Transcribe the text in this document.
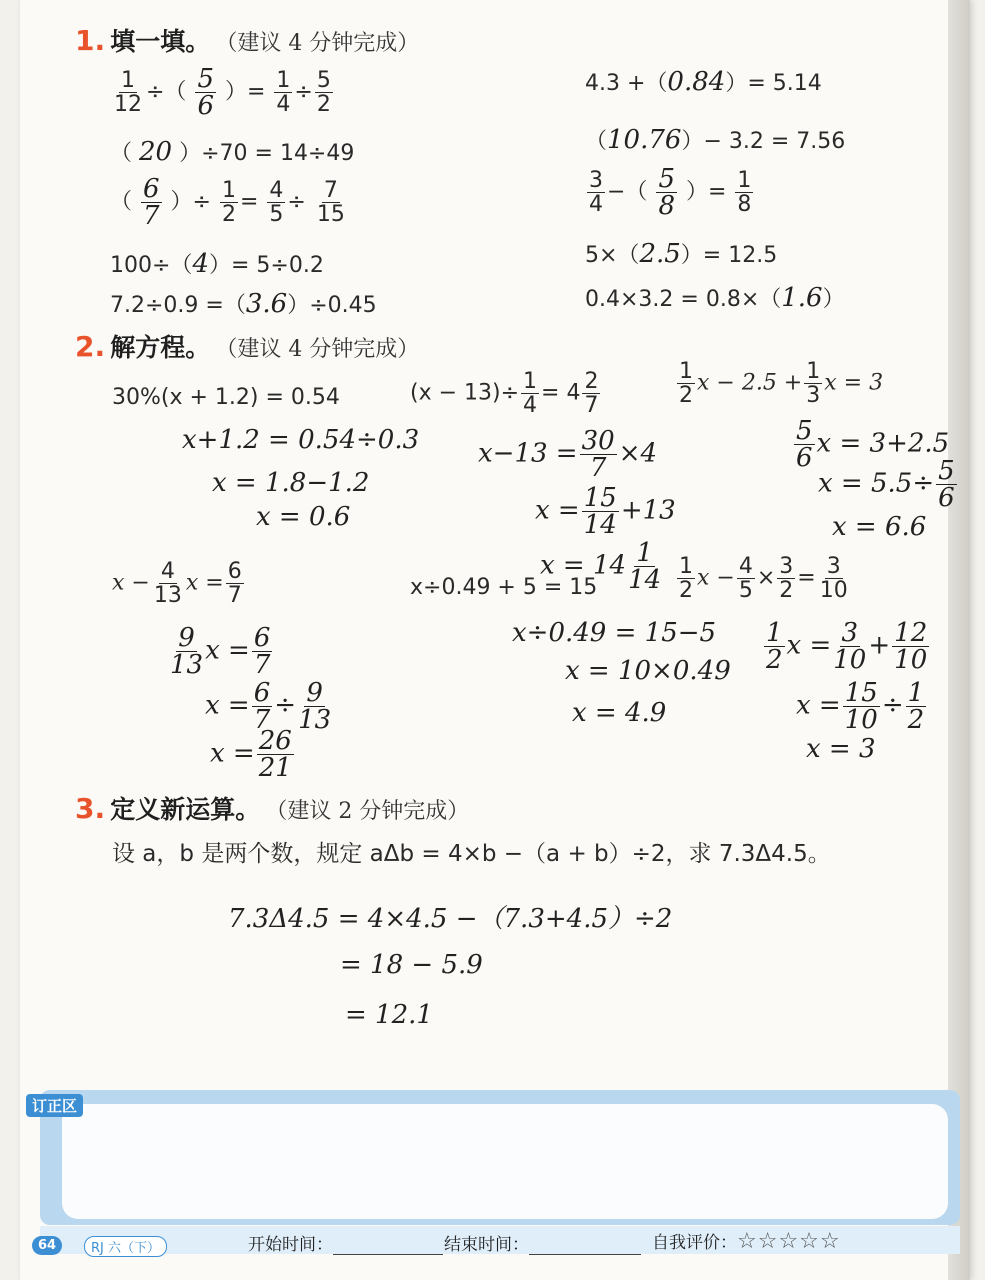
1. 填一填。 （建议 4 分钟完成）
$\frac{1}{12}$ ÷（ $\frac{5}{6}$ ）= $\frac{1}{4} \div \frac{5}{2}$
（ 20 ）÷70 = 14÷49
（ $\frac{6}{7}$ ）÷ $\frac{1}{2} = \frac{4}{5} \div \frac{7}{15}$
100÷（4）= 5÷0.2
7.2÷0.9 =（3.6）÷0.45
4.3 +（0.84）= 5.14
（10.76）− 3.2 = 7.56
$\frac{3}{4}$ −（ $\frac{5}{8}$ ）= $\frac{1}{8}$
5×（2.5）= 12.5
0.4×3.2 = 0.8×（1.6）
2. 解方程。 （建议 4 分钟完成）
30%(x + 1.2) = 0.54
x+1.2 = 0.54÷0.3
x = 1.8−1.2
x = 0.6
$(x - 13)\div \frac{1}{4} = 4 \frac{2}{7}$
$x-13 = \frac{30}{7} \times 4$
$x = \frac{15}{14} +13$
$x = 14 \frac{1}{14}$
$\frac{1}{2}$ $x - 2.5 + \frac{1}{3}$ x = 3
$\frac{5}{6}$ x = 3+2.5
$x = 5.5\div \frac{5}{6}$
x = 6.6
$x - \frac{4}{13}$ $x = \frac{6}{7}$
$\frac{9}{13}$ $x = \frac{6}{7}$
$x = \frac{6}{7} \div \frac{9}{13}$
$x = \frac{26}{21}$
x÷0.49 + 5 = 15
x÷0.49 = 15−5
x = 10×0.49
x = 4.9
$\frac{1}{2}$ $x - \frac{4}{5} \times \frac{3}{2} = \frac{3}{10}$
$\frac{1}{2}$ $x = \frac{3}{10} + \frac{12}{10}$
$x = \frac{15}{10} \div \frac{1}{2}$
x = 3
3. 定义新运算。 （建议 2 分钟完成）
设 a，b 是两个数，规定 aΔb = 4×b −（a + b）÷2，求 7.3Δ4.5。
7.3Δ4.5 = 4×4.5 −（7.3+4.5）÷2
= 18 − 5.9
= 12.1
订正区
64	RJ 六（下）	开始时间：	结束时间：	自我评价：☆☆☆☆☆
